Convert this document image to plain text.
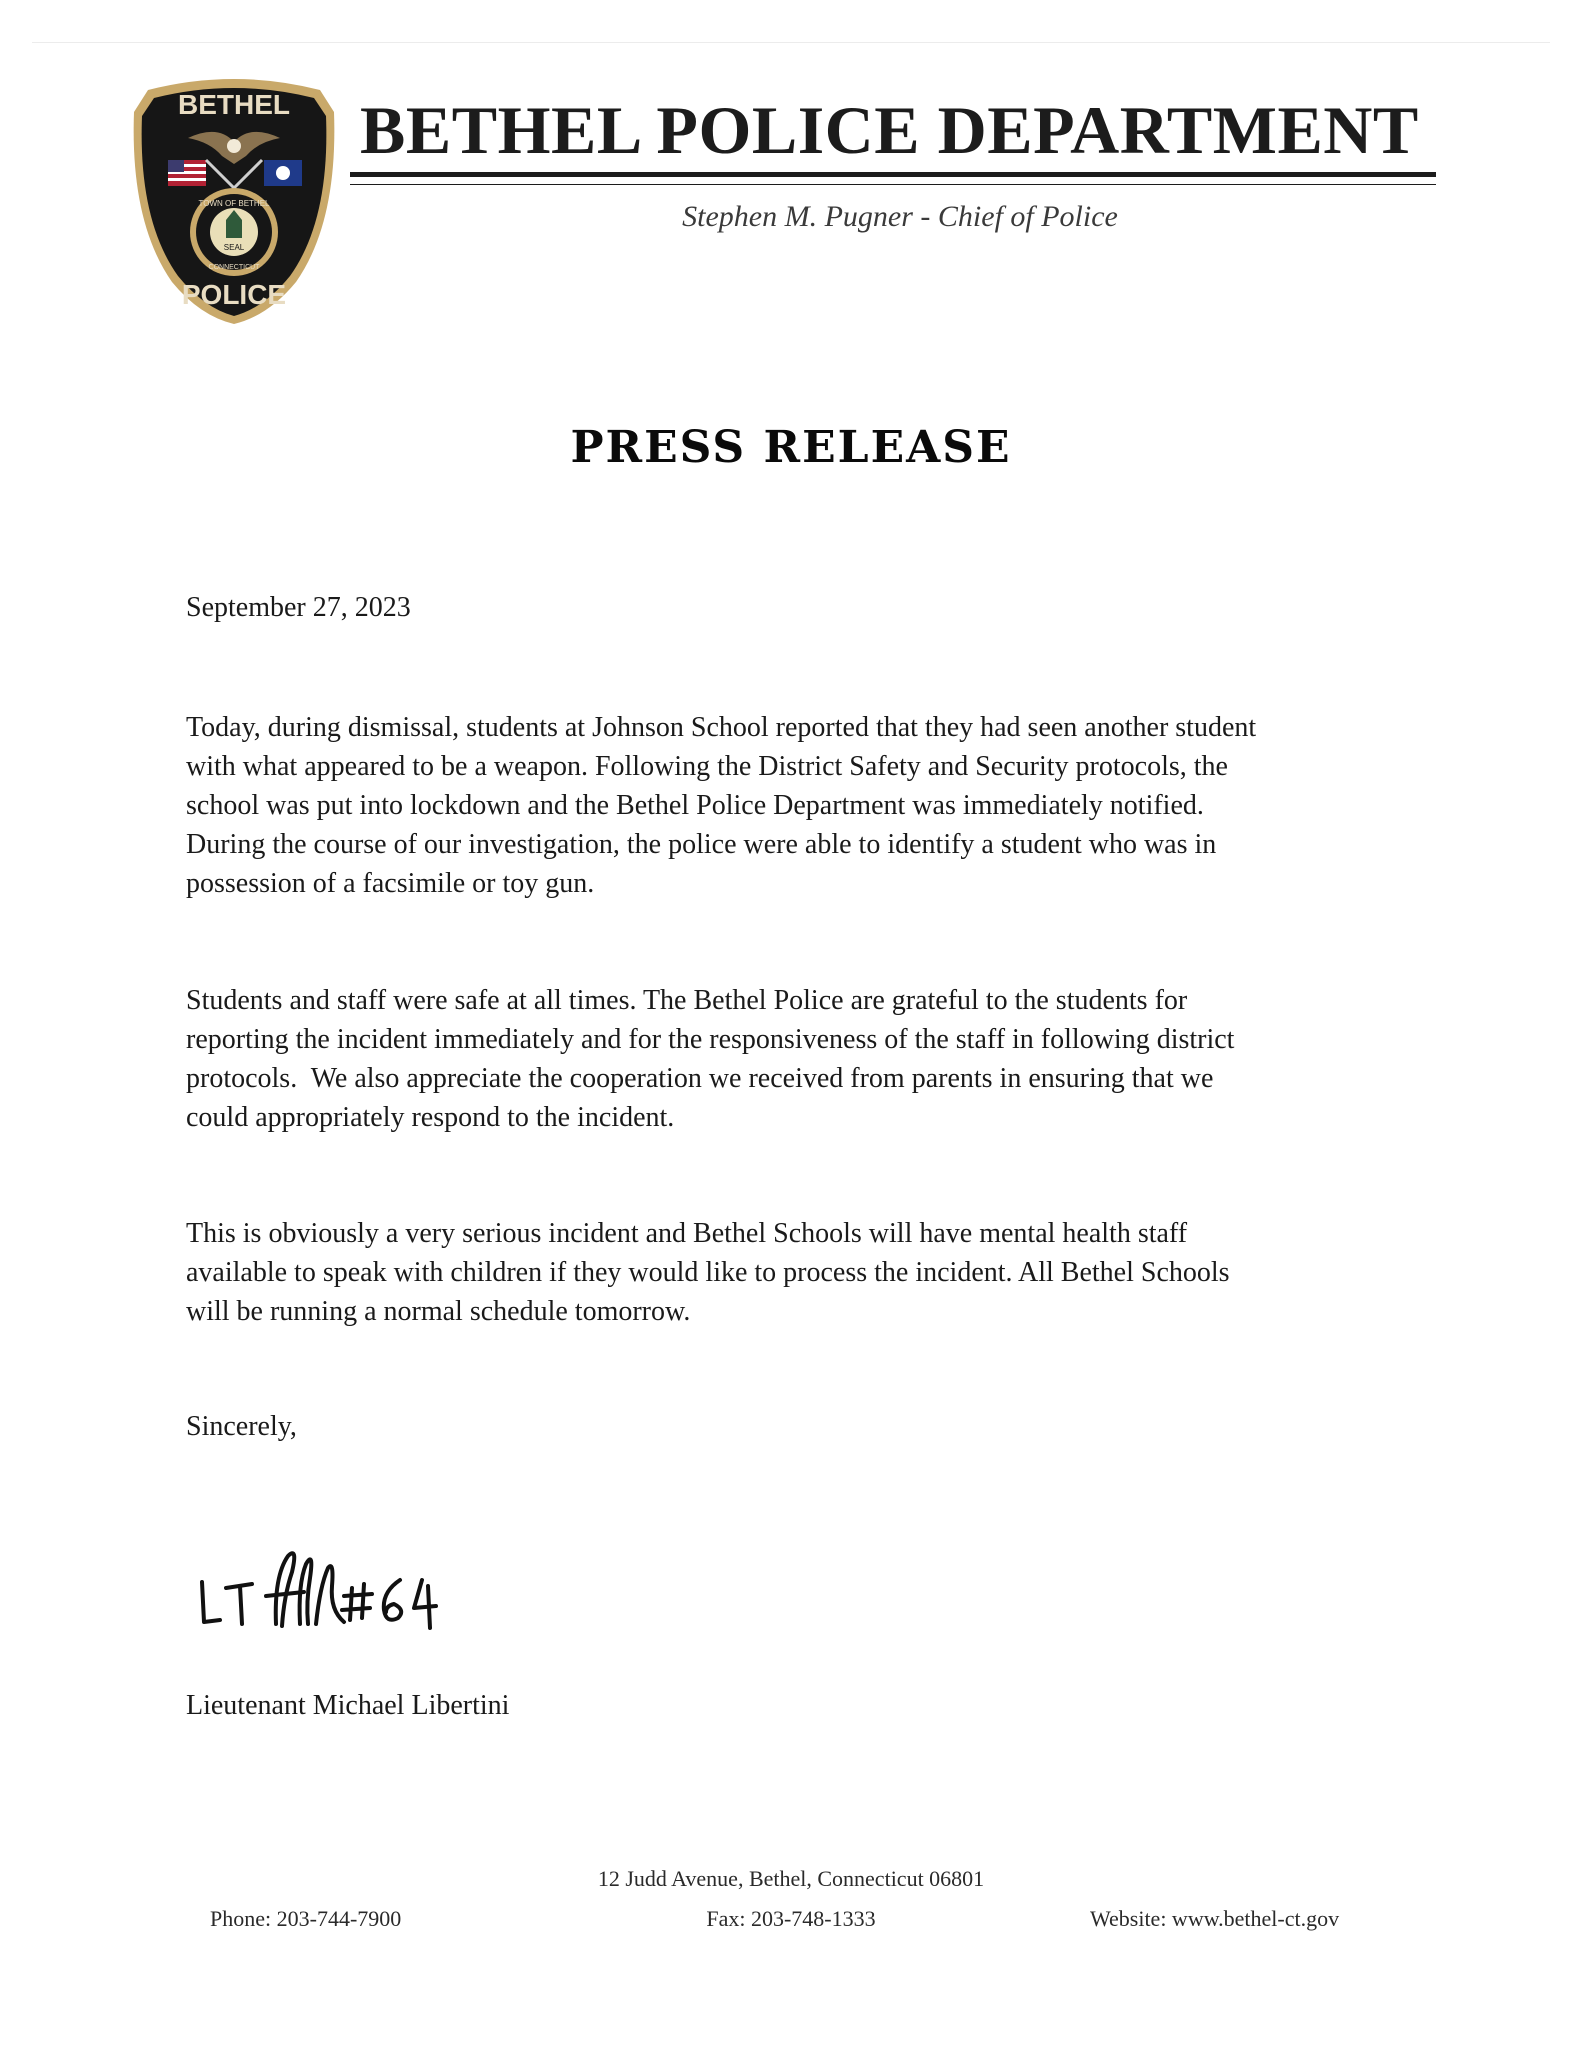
BETHEL
TOWN OF BETHEL
SEAL
CONNECTICUT
POLICE
BETHEL POLICE DEPARTMENT
Stephen M. Pugner - Chief of Police
PRESS RELEASE
September 27, 2023
Today, during dismissal, students at Johnson School reported that they had seen another student
with what appeared to be a weapon. Following the District Safety and Security protocols, the
school was put into lockdown and the Bethel Police Department was immediately notified.
During the course of our investigation, the police were able to identify a student who was in
possession of a facsimile or toy gun.
Students and staff were safe at all times. The Bethel Police are grateful to the students for
reporting the incident immediately and for the responsiveness of the staff in following district
protocols.  We also appreciate the cooperation we received from parents in ensuring that we
could appropriately respond to the incident.
This is obviously a very serious incident and Bethel Schools will have mental health staff
available to speak with children if they would like to process the incident. All Bethel Schools
will be running a normal schedule tomorrow.
Sincerely,
Lieutenant Michael Libertini
12 Judd Avenue, Bethel, Connecticut 06801
Phone: 203-744-7900	Fax: 203-748-1333	Website: www.bethel-ct.gov
